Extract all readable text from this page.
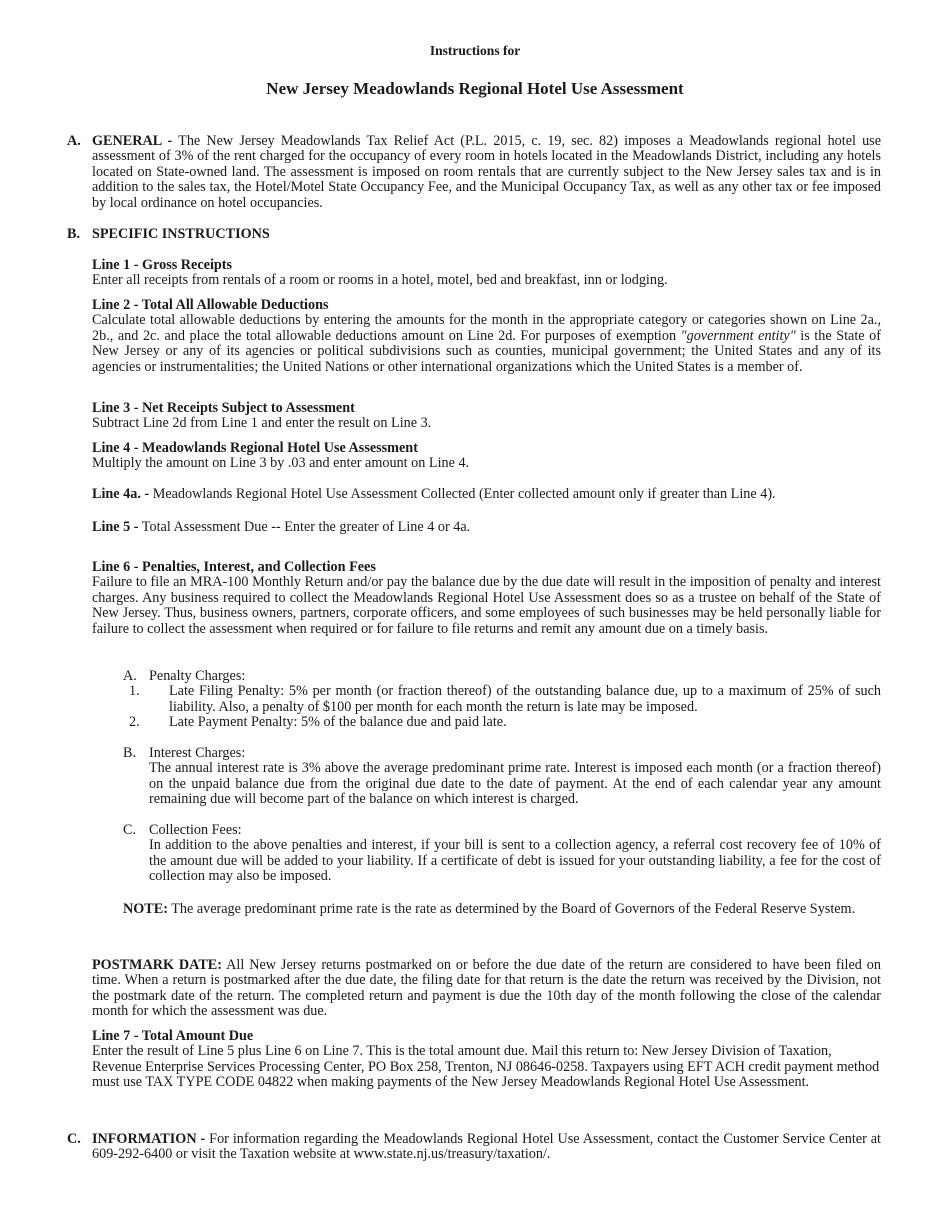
Instructions for
New Jersey Meadowlands Regional Hotel Use Assessment
A. GENERAL - The New Jersey Meadowlands Tax Relief Act (P.L. 2015, c. 19, sec. 82) imposes a Meadowlands regional hotel use assessment of 3% of the rent charged for the occupancy of every room in hotels located in the Meadowlands District, including any hotels located on State-owned land. The assessment is imposed on room rentals that are currently subject to the New Jersey sales tax and is in addition to the sales tax, the Hotel/Motel State Occupancy Fee, and the Municipal Occupancy Tax, as well as any other tax or fee imposed by local ordinance on hotel occupancies.
B. SPECIFIC INSTRUCTIONS

Line 1 - Gross Receipts

Enter all receipts from rentals of a room or rooms in a hotel, motel, bed and breakfast, inn or lodging.

Line 2 - Total All Allowable Deductions

Calculate total allowable deductions by entering the amounts for the month in the appropriate category or categories shown on Line 2a., 2b., and 2c. and place the total allowable deductions amount on Line 2d. For purposes of exemption "government entity" is the State of New Jersey or any of its agencies or political subdivisions such as counties, municipal government; the United States and any of its agencies or instrumentalities; the United Nations or other international organizations which the United States is a member of.

Line 3 - Net Receipts Subject to Assessment

Subtract Line 2d from Line 1 and enter the result on Line 3.

Line 4 - Meadowlands Regional Hotel Use Assessment

Multiply the amount on Line 3 by .03 and enter amount on Line 4.

Line 4a. - Meadowlands Regional Hotel Use Assessment Collected (Enter collected amount only if greater than Line 4).
Line 5 - Total Assessment Due -- Enter the greater of Line 4 or 4a.

Line 6 - Penalties, Interest, and Collection Fees

Failure to file an MRA-100 Monthly Return and/or pay the balance due by the due date will result in the imposition of penalty and interest charges. Any business required to collect the Meadowlands Regional Hotel Use Assessment does so as a trustee on behalf of the State of New Jersey. Thus, business owners, partners, corporate officers, and some employees of such businesses may be held personally liable for failure to collect the assessment when required or for failure to file returns and remit any amount due on a timely basis.

A. Penalty Charges:

1. Late Filing Penalty: 5% per month (or fraction thereof) of the outstanding balance due, up to a maximum of 25% of such liability. Also, a penalty of $100 per month for each month the return is late may be imposed.

2. Late Payment Penalty: 5% of the balance due and paid late.

B. Interest Charges:

The annual interest rate is 3% above the average predominant prime rate. Interest is imposed each month (or a fraction thereof) on the unpaid balance due from the original due date to the date of payment. At the end of each calendar year any amount remaining due will become part of the balance on which interest is charged.

C. Collection Fees:

In addition to the above penalties and interest, if your bill is sent to a collection agency, a referral cost recovery fee of 10% of the amount due will be added to your liability. If a certificate of debt is issued for your outstanding liability, a fee for the cost of collection may also be imposed.

NOTE: The average predominant prime rate is the rate as determined by the Board of Governors of the Federal Reserve System.
POSTMARK DATE: All New Jersey returns postmarked on or before the due date of the return are considered to have been filed on time. When a return is postmarked after the due date, the filing date for that return is the date the return was received by the Division, not the postmark date of the return. The completed return and payment is due the 10th day of the month following the close of the calendar month for which the assessment was due.

Line 7 - Total Amount Due

Enter the result of Line 5 plus Line 6 on Line 7. This is the total amount due. Mail this return to: New Jersey Division of Taxation, Revenue Enterprise Services Processing Center, PO Box 258, Trenton, NJ 08646-0258. Taxpayers using EFT ACH credit payment method must use TAX TYPE CODE 04822 when making payments of the New Jersey Meadowlands Regional Hotel Use Assessment.

C. INFORMATION - For information regarding the Meadowlands Regional Hotel Use Assessment, contact the Customer Service Center at 609-292-6400 or visit the Taxation website at www.state.nj.us/treasury/taxation/.
